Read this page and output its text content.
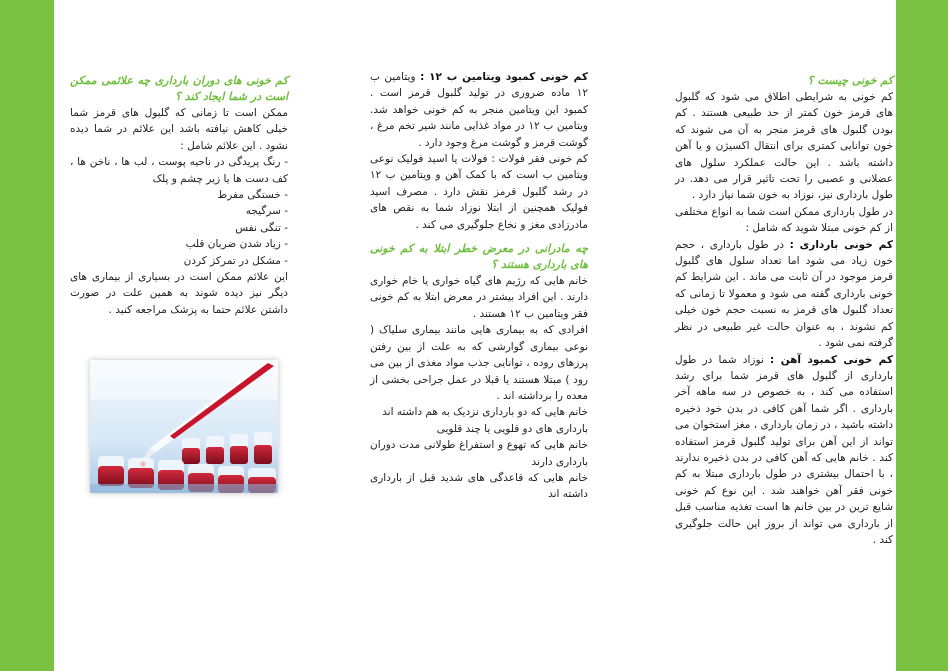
کم خونی چیست ؟

کم خونی به شرایطی اطلاق می شود که گلبول های قرمز خون کمتر از حد طبیعی هستند . کم بودن گلبول های قرمز منجر به آن می شوند که خون توانایی کمتری برای انتقال اکسیژن و یا آهن داشته باشد . این حالت عملکرد سلول های عضلانی و عصبی را تحت تاثیر قرار می دهد. در طول بارداری نیز، نوزاد به خون شما نیاز دارد .

در طول بارداری ممکن است شما به انواع مختلفی از کم خونی مبتلا شوید که شامل :

کم خونی بارداری : در طول بارداری ، حجم خون زیاد می شود اما تعداد سلول های گلبول قرمز موجود در آن ثابت می ماند . این شرایط کم خونی بارداری گفته می شود و معمولا تا زمانی که تعداد گلبول های قرمز به نسبت حجم خون خیلی کم نشوند ، به عنوان حالت غیر طبیعی در نظر گرفته نمی شود .

کم خونی کمبود آهن : نوزاد شما در طول بارداری از گلبول های قرمز شما برای رشد استفاده می کند ، به خصوص در سه ماهه آخر بارداری . اگر شما آهن کافی در بدن خود ذخیره داشته باشید ، در زمان بارداری ، مغز استخوان می تواند از این آهن برای تولید گلبول قرمز استفاده کند . خانم هایی که آهن کافی در بدن ذخیره ندارند ، با احتمال بیشتری در طول بارداری مبتلا به کم خونی فقر آهن خواهند شد . این نوع کم خونی شایع ترین در بین خانم ها است تغذیه مناسب قبل از بارداری می تواند از بروز این حالت جلوگیری کند .

کم خونی کمبود ویتامین ب ۱۲ : ویتامین ب ۱۲ ماده ضروری در تولید گلبول قرمز است . کمبود این ویتامین منجر به کم خونی خواهد شد. ویتامین ب ۱۲ در مواد غذایی مانند شیر تخم مرغ ، گوشت قرمز و گوشت مرغ وجود دارد .

کم خونی فقر فولات : فولات یا اسید فولیک نوعی ویتامین ب است که با کمک آهن و ویتامین ب ۱۲ در رشد گلبول قرمز نقش دارد . مصرف اسید فولیک همچنین از ابتلا نوزاد شما به نقص های مادرزادی مغز و نخاع جلوگیری می کند .

چه مادرانی در معرض خطر ابتلا به کم خونی های بارداری هستند ؟

خانم هایی که رژیم های گیاه خواری یا خام خواری دارند . این افراد بیشتر در معرض ابتلا به کم خونی فقر ویتامین ب ۱۲ هستند .

افرادی که به بیماری هایی مانند بیماری سلیاک ( نوعی بیماری گوارشی که به علت از بین رفتن پرزهای روده ، توانایی جذب مواد مغذی از بین می رود ) مبتلا هستند یا قبلا در عمل جراحی بخشی از معده را برداشته اند .

خانم هایی که دو بارداری نزدیک به هم داشته اند

بارداری های دو قلویی یا چند قلویی

خانم هایی که تهوع و استفراغ طولانی مدت دوران بارداری دارند

خانم هایی که قاعدگی های شدید قبل از بارداری داشته اند

کم خونی های دوران بارداری چه علائمی ممکن است در شما ایجاد کند ؟

ممکن است تا زمانی که گلبول های قرمز شما خیلی کاهش نیافته باشد این علائم در شما دیده نشود . این علائم شامل :

- رنگ پریدگی در ناحیه پوست ، لب ها ، ناخن ها ، کف دست ها یا زیر چشم و پلک

- خستگی مفرط

- سرگیجه

- تنگی نفس

- زیاد شدن ضربان قلب

- مشکل در تمرکز کردن

این علائم ممکن است در بسیاری از بیماری های دیگر نیز دیده شوند به همین علت در صورت داشتن علائم حتما به پزشک مراجعه کنید .
